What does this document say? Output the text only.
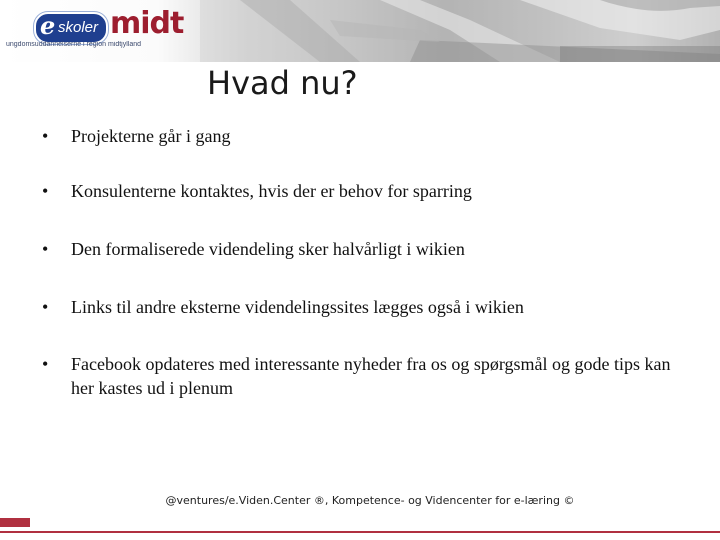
e skoler midt
ungdomsuddannelserne i region midtjylland
Hvad nu?
• Projekterne går i gang
• Konsulenterne kontaktes, hvis der er behov for sparring
• Den formaliserede videndeling sker halvårligt i wikien
• Links til andre eksterne videndelingssites lægges også i wikien
• Facebook opdateres med interessante nyheder fra os og spørgsmål og gode tips kan her kastes ud i plenum
@ventures/e.Viden.Center ®, Kompetence- og Videncenter for e-læring ©
